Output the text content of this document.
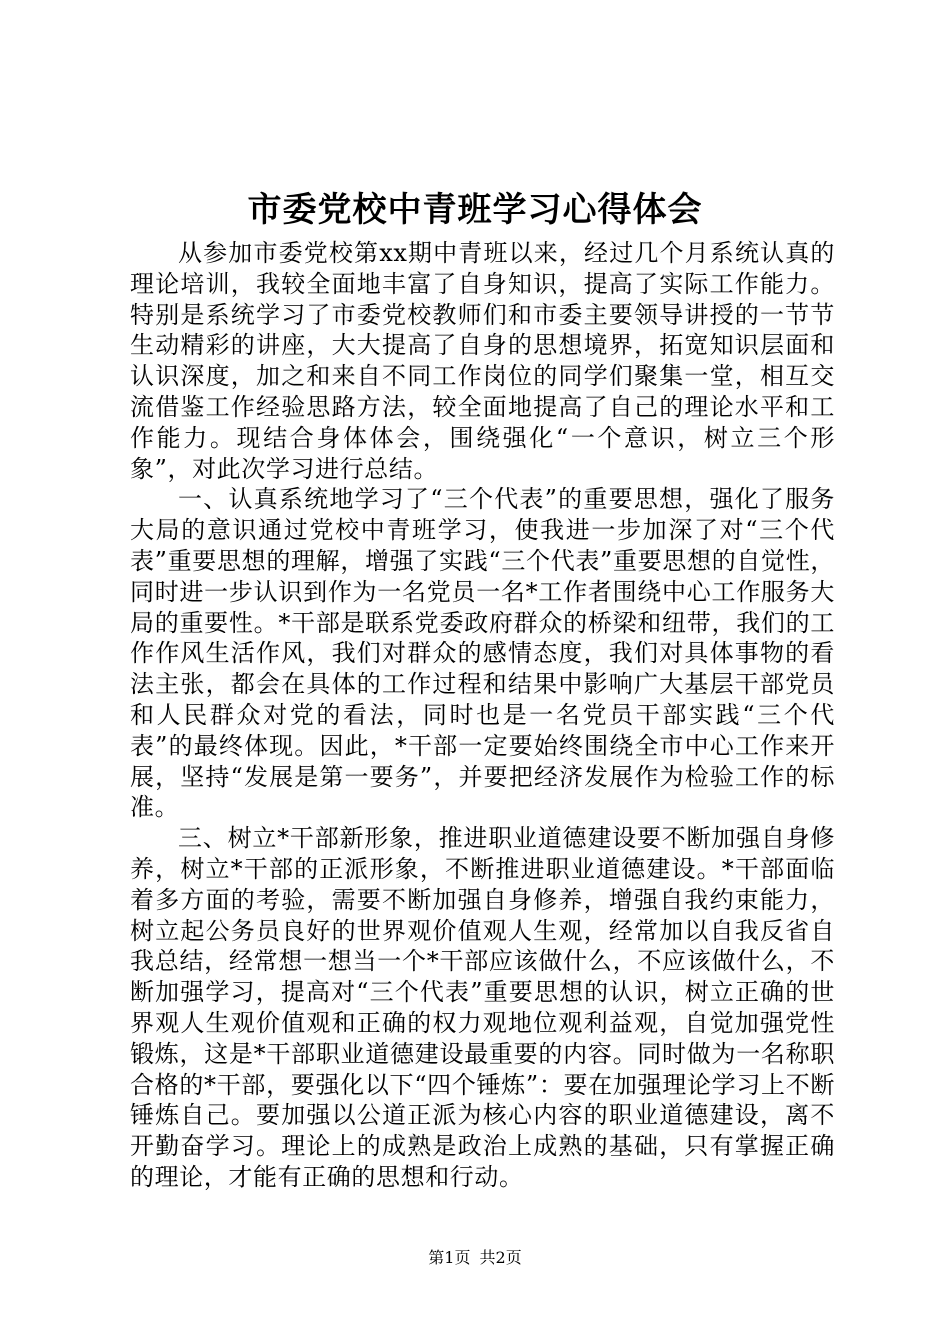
市委党校中青班学习心得体会

从参加市委党校第xx期中青班以来，经过几个月系统认真的理论培训，我较全面地丰富了自身知识，提高了实际工作能力。特别是系统学习了市委党校教师们和市委主要领导讲授的一节节生动精彩的讲座，大大提高了自身的思想境界，拓宽知识层面和认识深度，加之和来自不同工作岗位的同学们聚集一堂，相互交流借鉴工作经验思路方法，较全面地提高了自己的理论水平和工作能力。现结合身体体会，围绕强化“一个意识，树立三个形象”，对此次学习进行总结。

一、认真系统地学习了“三个代表”的重要思想，强化了服务大局的意识通过党校中青班学习，使我进一步加深了对“三个代表”重要思想的理解，增强了实践“三个代表”重要思想的自觉性，同时进一步认识到作为一名党员一名*工作者围绕中心工作服务大局的重要性。*干部是联系党委政府群众的桥梁和纽带，我们的工作作风生活作风，我们对群众的感情态度，我们对具体事物的看法主张，都会在具体的工作过程和结果中影响广大基层干部党员和人民群众对党的看法，同时也是一名党员干部实践“三个代表”的最终体现。因此，*干部一定要始终围绕全市中心工作来开展，坚持“发展是第一要务”，并要把经济发展作为检验工作的标准。

三、树立*干部新形象，推进职业道德建设要不断加强自身修养，树立*干部的正派形象，不断推进职业道德建设。*干部面临着多方面的考验，需要不断加强自身修养，增强自我约束能力，树立起公务员良好的世界观价值观人生观，经常加以自我反省自我总结，经常想一想当一个*干部应该做什么，不应该做什么，不断加强学习，提高对“三个代表”重要思想的认识，树立正确的世界观人生观价值观和正确的权力观地位观利益观，自觉加强党性锻炼，这是*干部职业道德建设最重要的内容。同时做为一名称职合格的*干部，要强化以下“四个锤炼”：要在加强理论学习上不断锤炼自己。要加强以公道正派为核心内容的职业道德建设，离不开勤奋学习。理论上的成熟是政治上成熟的基础，只有掌握正确的理论，才能有正确的思想和行动。

第1页 共2页
